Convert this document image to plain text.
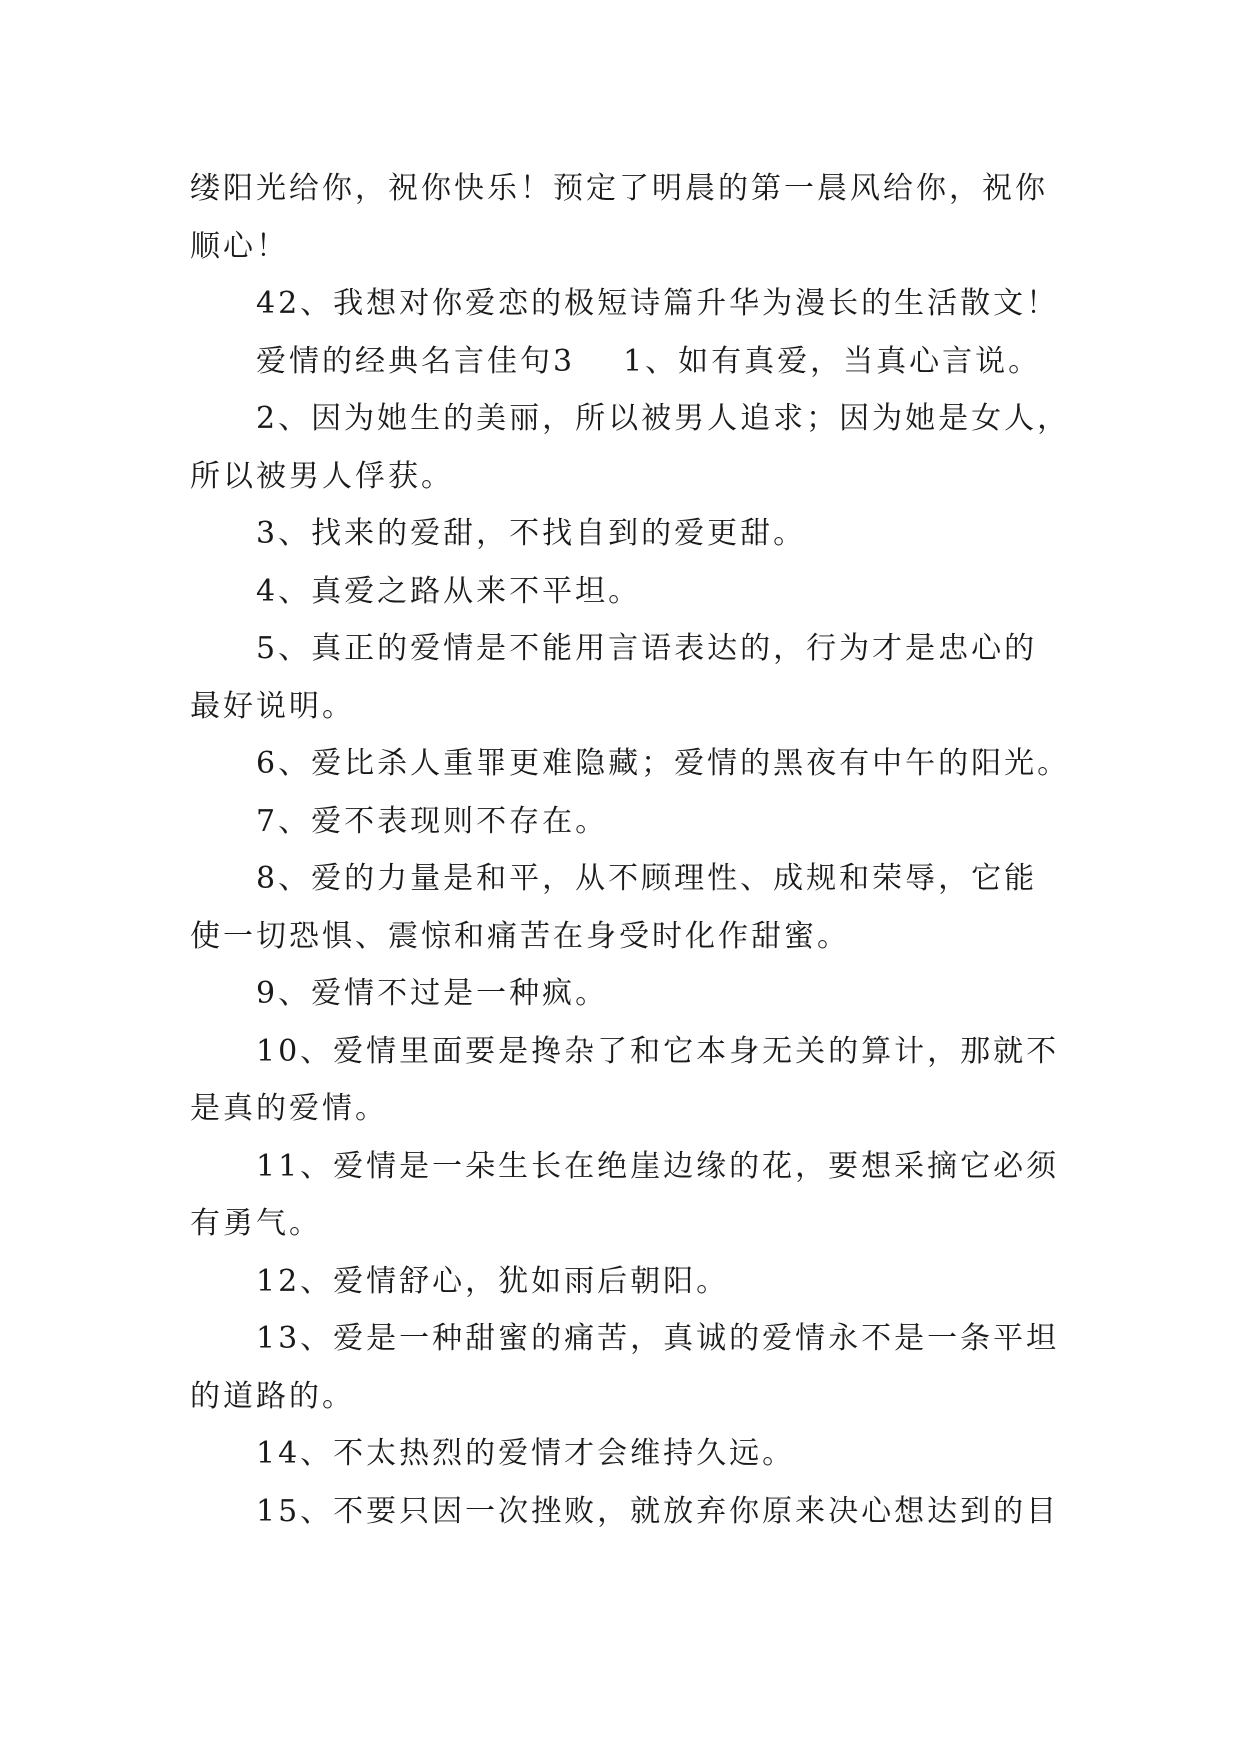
缕阳光给你，祝你快乐！预定了明晨的第一晨风给你，祝你
顺心！
42、我想对你爱恋的极短诗篇升华为漫长的生活散文！
爱情的经典名言佳句3 1、如有真爱，当真心言说。
2、因为她生的美丽，所以被男人追求；因为她是女人，
所以被男人俘获。
3、找来的爱甜，不找自到的爱更甜。
4、真爱之路从来不平坦。
5、真正的爱情是不能用言语表达的，行为才是忠心的
最好说明。
6、爱比杀人重罪更难隐藏；爱情的黑夜有中午的阳光。
7、爱不表现则不存在。
8、爱的力量是和平，从不顾理性、成规和荣辱，它能
使一切恐惧、震惊和痛苦在身受时化作甜蜜。
9、爱情不过是一种疯。
10、爱情里面要是搀杂了和它本身无关的算计，那就不
是真的爱情。
11、爱情是一朵生长在绝崖边缘的花，要想采摘它必须
有勇气。
12、爱情舒心，犹如雨后朝阳。
13、爱是一种甜蜜的痛苦，真诚的爱情永不是一条平坦
的道路的。
14、不太热烈的爱情才会维持久远。
15、不要只因一次挫败，就放弃你原来决心想达到的目
